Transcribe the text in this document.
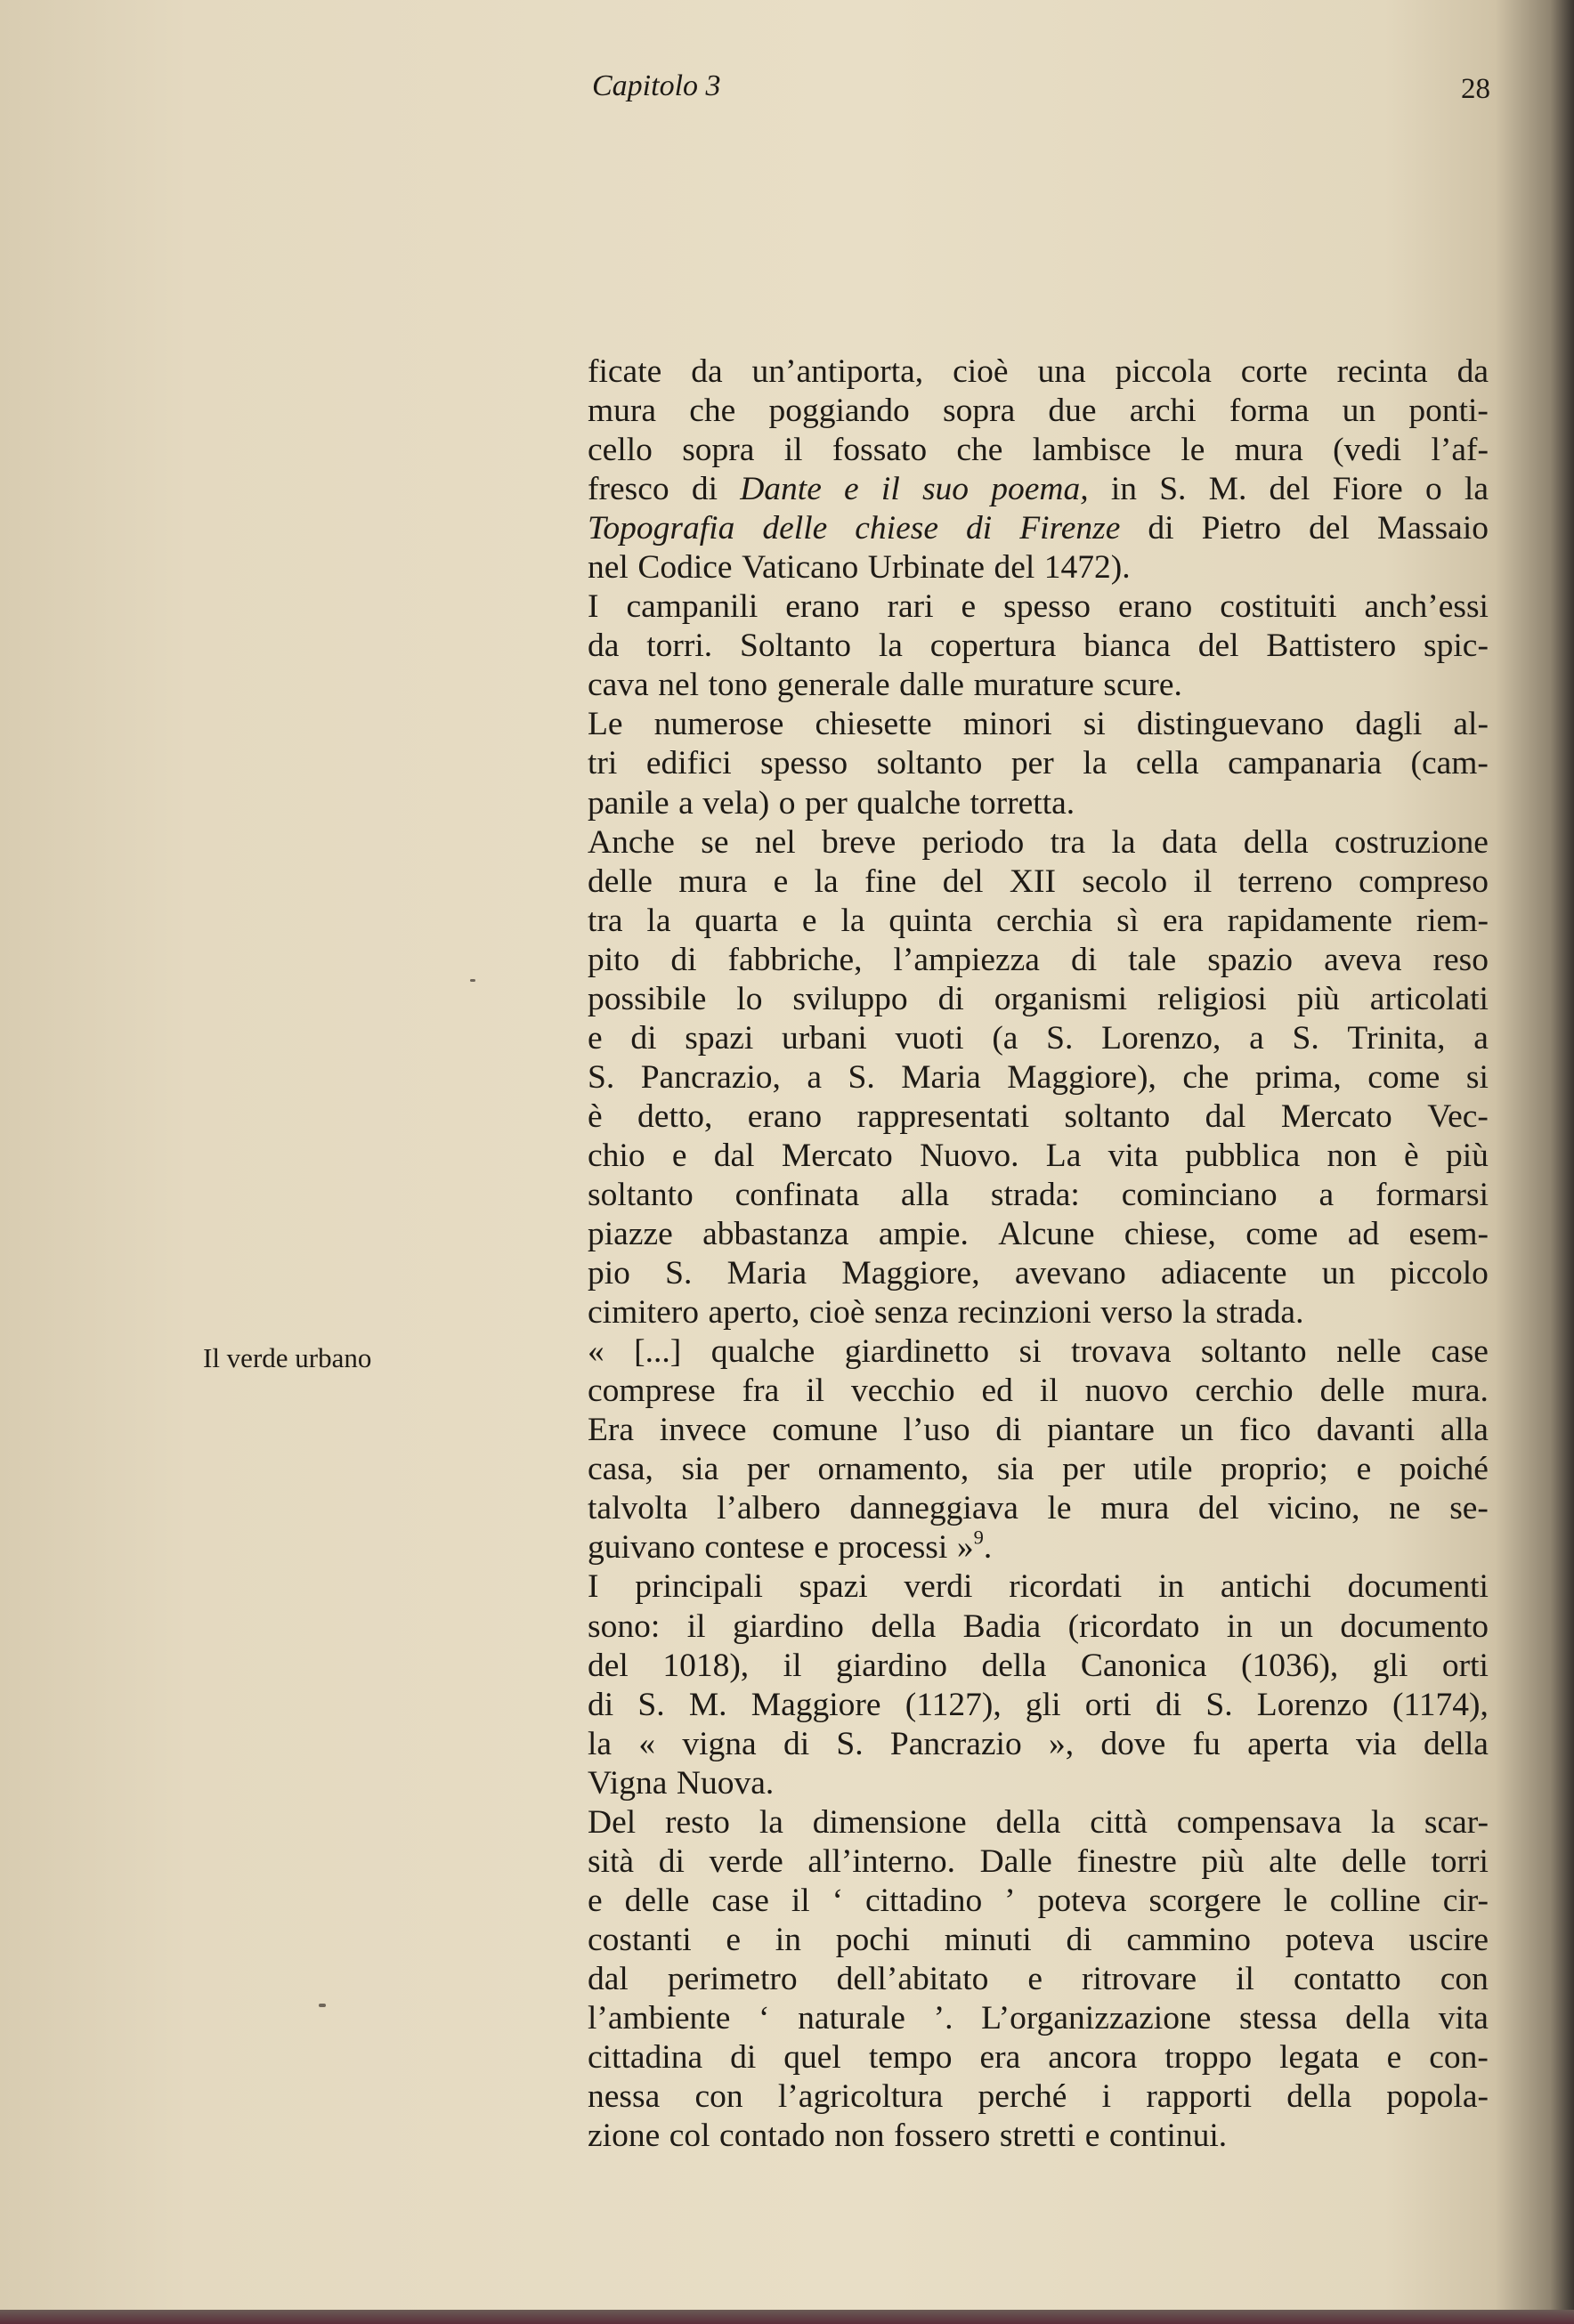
Capitolo 3	28
Il verde urbano
ficate da un’antiporta, cioè una piccola corte recinta da
mura che poggiando sopra due archi forma un ponti-
cello sopra il fossato che lambisce le mura (vedi l’af-
fresco di Dante e il suo poema, in S. M. del Fiore o la
Topografia delle chiese di Firenze di Pietro del Massaio
nel Codice Vaticano Urbinate del 1472).
I campanili erano rari e spesso erano costituiti anch’essi
da torri. Soltanto la copertura bianca del Battistero spic-
cava nel tono generale dalle murature scure.
Le numerose chiesette minori si distinguevano dagli al-
tri edifici spesso soltanto per la cella campanaria (cam-
panile a vela) o per qualche torretta.
Anche se nel breve periodo tra la data della costruzione
delle mura e la fine del XII secolo il terreno compreso
tra la quarta e la quinta cerchia sì era rapidamente riem-
pito di fabbriche, l’ampiezza di tale spazio aveva reso
possibile lo sviluppo di organismi religiosi più articolati
e di spazi urbani vuoti (a S. Lorenzo, a S. Trinita, a
S. Pancrazio, a S. Maria Maggiore), che prima, come si
è detto, erano rappresentati soltanto dal Mercato Vec-
chio e dal Mercato Nuovo. La vita pubblica non è più
soltanto confinata alla strada: cominciano a formarsi
piazze abbastanza ampie. Alcune chiese, come ad esem-
pio S. Maria Maggiore, avevano adiacente un piccolo
cimitero aperto, cioè senza recinzioni verso la strada.
« [...] qualche giardinetto si trovava soltanto nelle case
comprese fra il vecchio ed il nuovo cerchio delle mura.
Era invece comune l’uso di piantare un fico davanti alla
casa, sia per ornamento, sia per utile proprio; e poiché
talvolta l’albero danneggiava le mura del vicino, ne se-
guivano contese e processi »$^9$.
I principali spazi verdi ricordati in antichi documenti
sono: il giardino della Badia (ricordato in un documento
del 1018), il giardino della Canonica (1036), gli orti
di S. M. Maggiore (1127), gli orti di S. Lorenzo (1174),
la « vigna di S. Pancrazio », dove fu aperta via della
Vigna Nuova.
Del resto la dimensione della città compensava la scar-
sità di verde all’interno. Dalle finestre più alte delle torri
e delle case il ‘ cittadino ’ poteva scorgere le colline cir-
costanti e in pochi minuti di cammino poteva uscire
dal perimetro dell’abitato e ritrovare il contatto con
l’ambiente ‘ naturale ’. L’organizzazione stessa della vita
cittadina di quel tempo era ancora troppo legata e con-
nessa con l’agricoltura perché i rapporti della popola-
zione col contado non fossero stretti e continui.
